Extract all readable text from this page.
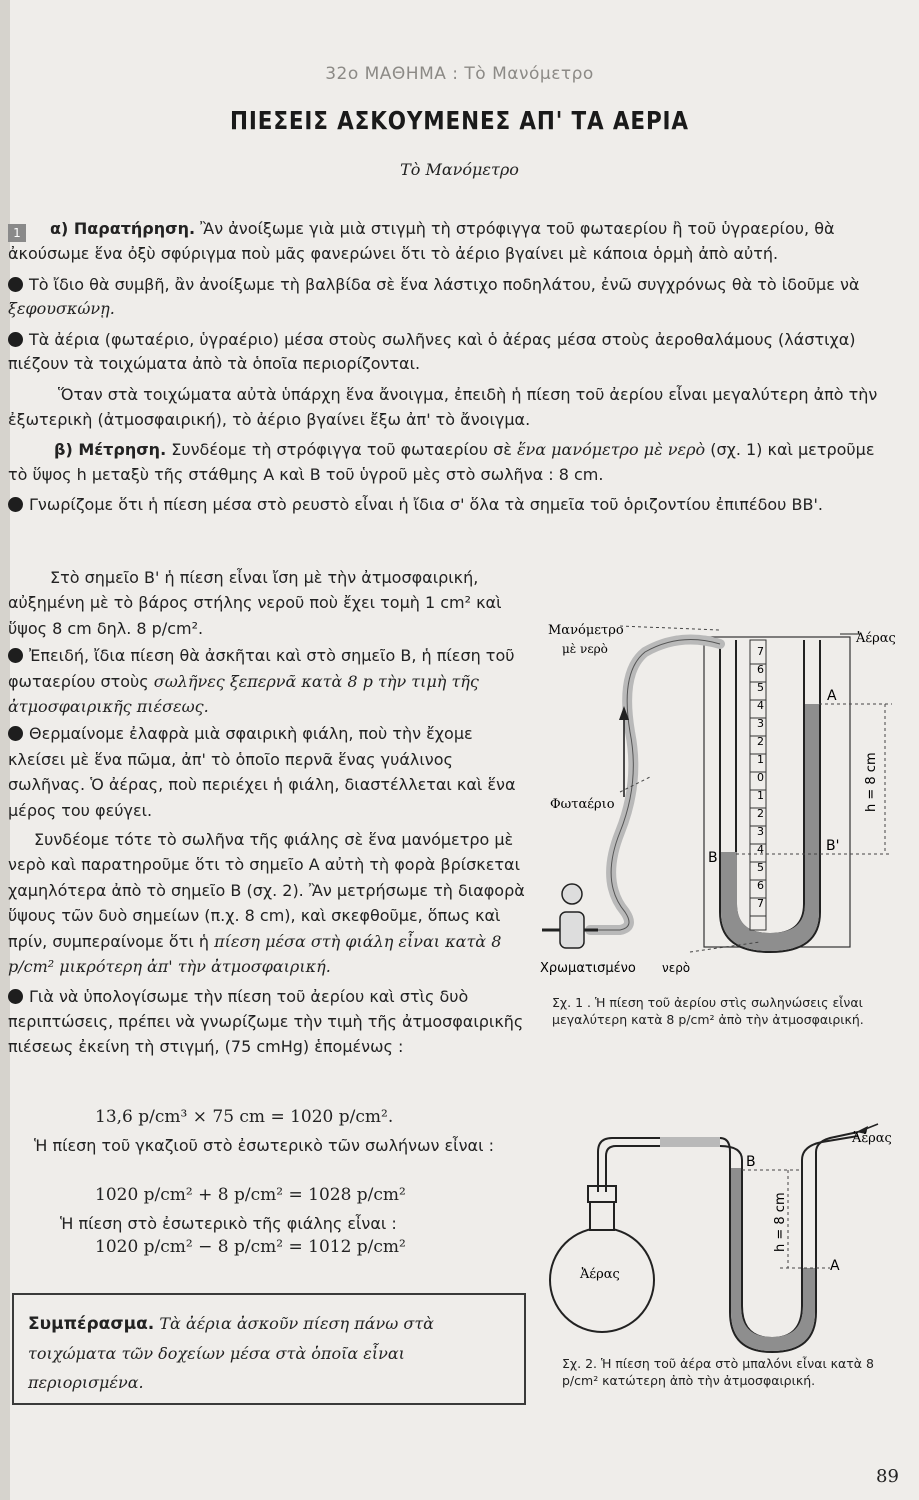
32ο ΜΑΘΗΜΑ : Τὸ Μανόμετρο
ΠΙΕΣΕΙΣ ΑΣΚΟΥΜΕΝΕΣ ΑΠ' ΤΑ ΑΕΡΙΑ
Τὸ Μανόμετρο

1 α) Παρατήρηση. Ἂν ἀνοίξωμε γιὰ μιὰ στιγμὴ τὴ στρόφιγγα τοῦ φωταερίου ἢ τοῦ ὑγραερίου, θὰ ἀκούσωμε ἕνα ὀξὺ σφύριγμα ποὺ μᾶς φανερώνει ὅτι τὸ ἀέριο βγαίνει μὲ κάποια ὁρμὴ ἀπὸ αὐτή.

Τὸ ἴδιο θὰ συμβῆ, ἂν ἀνοίξωμε τὴ βαλβίδα σὲ ἕνα λάστιχο ποδηλάτου, ἐνῶ συγχρόνως θὰ τὸ ἰδοῦμε νὰ ξεφουσκώνῃ.

Τὰ ἀέρια (φωταέριο, ὑγραέριο) μέσα στοὺς σωλῆνες καὶ ὁ ἀέρας μέσα στοὺς ἀεροθαλάμους (λάστιχα) πιέζουν τὰ τοιχώματα ἀπὸ τὰ ὁποῖα περιορίζονται.

Ὅταν στὰ τοιχώματα αὐτὰ ὑπάρχη ἕνα ἄνοιγμα, ἐπειδὴ ἡ πίεση τοῦ ἀερίου εἶναι μεγαλύτερη ἀπὸ τὴν ἐξωτερικὴ (ἀτμοσφαιρική), τὸ ἀέριο βγαίνει ἔξω ἀπ' τὸ ἄνοιγμα.

β) Μέτρηση. Συνδέομε τὴ στρόφιγγα τοῦ φωταερίου σὲ ἕνα μανόμετρο μὲ νερὸ (σχ. 1) καὶ μετροῦμε τὸ ὕψος h μεταξὺ τῆς στάθμης Α καὶ Β τοῦ ὑγροῦ μὲς στὸ σωλῆνα : 8 cm.

Γνωρίζομε ὅτι ἡ πίεση μέσα στὸ ρευστὸ εἶναι ἡ ἴδια σ' ὅλα τὰ σημεῖα τοῦ ὁριζοντίου ἐπιπέδου ΒΒ'.

Στὸ σημεῖο Β' ἡ πίεση εἶναι ἴση μὲ τὴν ἀτμοσφαιρική, αὐξημένη μὲ τὸ βάρος στήλης νεροῦ ποὺ ἔχει τομὴ 1 cm² καὶ ὕψος 8 cm δηλ. 8 p/cm².

Ἐπειδή, ἴδια πίεση θὰ ἀσκῆται καὶ στὸ σημεῖο Β, ἡ πίεση τοῦ φωταερίου στοὺς σωλῆνες ξεπερνᾶ κατὰ 8 p τὴν τιμὴ τῆς ἀτμοσφαιρικῆς πιέσεως.

Θερμαίνομε ἐλαφρὰ μιὰ σφαιρικὴ φιάλη, ποὺ τὴν ἔχομε κλείσει μὲ ἕνα πῶμα, ἀπ' τὸ ὁποῖο περνᾶ ἕνας γυάλινος σωλῆνας. Ὁ ἀέρας, ποὺ περιέχει ἡ φιάλη, διαστέλλεται καὶ ἕνα μέρος του φεύγει.

Συνδέομε τότε τὸ σωλῆνα τῆς φιάλης σὲ ἕνα μανόμετρο μὲ νερὸ καὶ παρατηροῦμε ὅτι τὸ σημεῖο Α αὐτὴ τὴ φορὰ βρίσκεται χαμηλότερα ἀπὸ τὸ σημεῖο Β (σχ. 2). Ἂν μετρήσωμε τὴ διαφορὰ ὕψους τῶν δυὸ σημείων (π.χ. 8 cm), καὶ σκεφθοῦμε, ὅπως καὶ πρίν, συμπεραίνομε ὅτι ἡ πίεση μέσα στὴ φιάλη εἶναι κατὰ 8 p/cm² μικρότερη ἀπ' τὴν ἀτμοσφαιρική.

Γιὰ νὰ ὑπολογίσωμε τὴν πίεση τοῦ ἀερίου καὶ στὶς δυὸ περιπτώσεις, πρέπει νὰ γνωρίζωμε τὴν τιμὴ τῆς ἀτμοσφαιρικῆς πιέσεως ἐκείνη τὴ στιγμή, (75 cmHg) ἑπομένως :

13,6 p/cm³ × 75 cm = 1020 p/cm².
Ἡ πίεση τοῦ γκαζιοῦ στὸ ἐσωτερικὸ τῶν σωλήνων εἶναι :
1020 p/cm² + 8 p/cm² = 1028 p/cm²
Ἡ πίεση στὸ ἐσωτερικὸ τῆς φιάλης εἶναι :
1020 p/cm² − 8 p/cm² = 1012 p/cm²
Συμπέρασμα. Τὰ ἀέρια ἀσκοῦν πίεση πάνω στὰ τοιχώματα τῶν δοχείων μέσα στὰ ὁποῖα εἶναι περιορισμένα.
7
6
5
4
3
2
1
0
1
2
3
4
5
6
7
h = 8 cm
B
A
B'
Μανόμετρο
μὲ νερὸ
Ἀέρας
Φωταέριο
Χρωματισμένο νερὸ
Σχ. 1 . Ἡ πίεση τοῦ ἀερίου στὶς σωληνώσεις εἶναι μεγαλύτερη κατὰ 8 p/cm² ἀπὸ τὴν ἀτμοσφαιρική.
h = 8 cm
B
A
Ἀέρας
Ἀέρας
Σχ. 2. Ἡ πίεση τοῦ ἀέρα στὸ μπαλόνι εἶναι κατὰ 8 p/cm² κατώτερη ἀπὸ τὴν ἀτμοσφαιρική.
89
